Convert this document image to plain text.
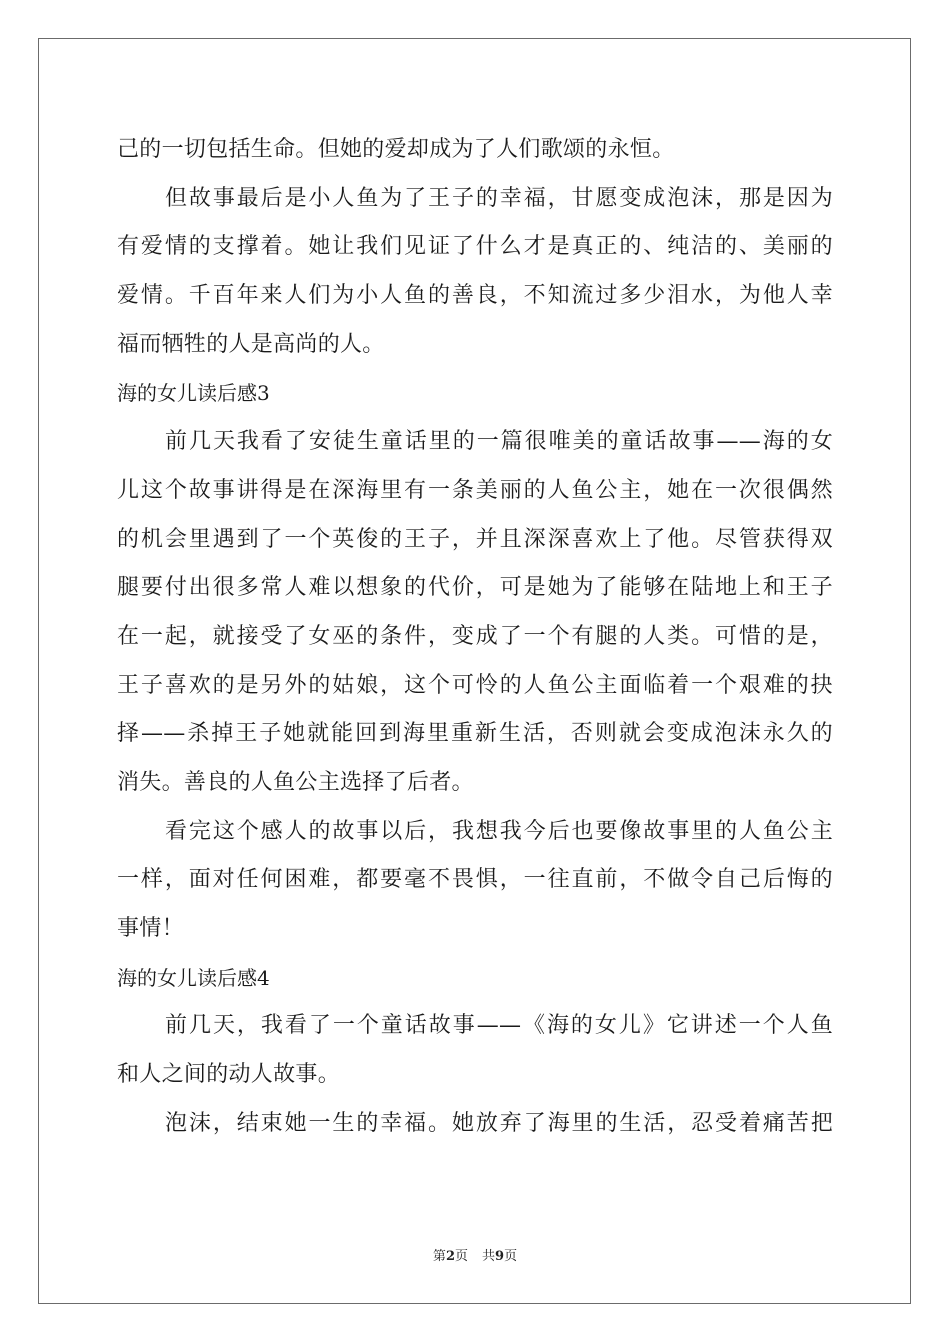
己的一切包括生命。但她的爱却成为了人们歌颂的永恒。
但故事最后是小人鱼为了王子的幸福，甘愿变成泡沫，那是因为
有爱情的支撑着。她让我们见证了什么才是真正的、纯洁的、美丽的
爱情。千百年来人们为小人鱼的善良，不知流过多少泪水，为他人幸
福而牺牲的人是高尚的人。
海的女儿读后感3
前几天我看了安徒生童话里的一篇很唯美的童话故事——海的女
儿这个故事讲得是在深海里有一条美丽的人鱼公主，她在一次很偶然
的机会里遇到了一个英俊的王子，并且深深喜欢上了他。尽管获得双
腿要付出很多常人难以想象的代价，可是她为了能够在陆地上和王子
在一起，就接受了女巫的条件，变成了一个有腿的人类。可惜的是，
王子喜欢的是另外的姑娘，这个可怜的人鱼公主面临着一个艰难的抉
择——杀掉王子她就能回到海里重新生活，否则就会变成泡沫永久的
消失。善良的人鱼公主选择了后者。
看完这个感人的故事以后，我想我今后也要像故事里的人鱼公主
一样，面对任何困难，都要毫不畏惧，一往直前，不做令自己后悔的
事情！
海的女儿读后感4
前几天，我看了一个童话故事——《海的女儿》它讲述一个人鱼
和人之间的动人故事。
泡沫，结束她一生的幸福。她放弃了海里的生活，忍受着痛苦把
第2页 共9页
